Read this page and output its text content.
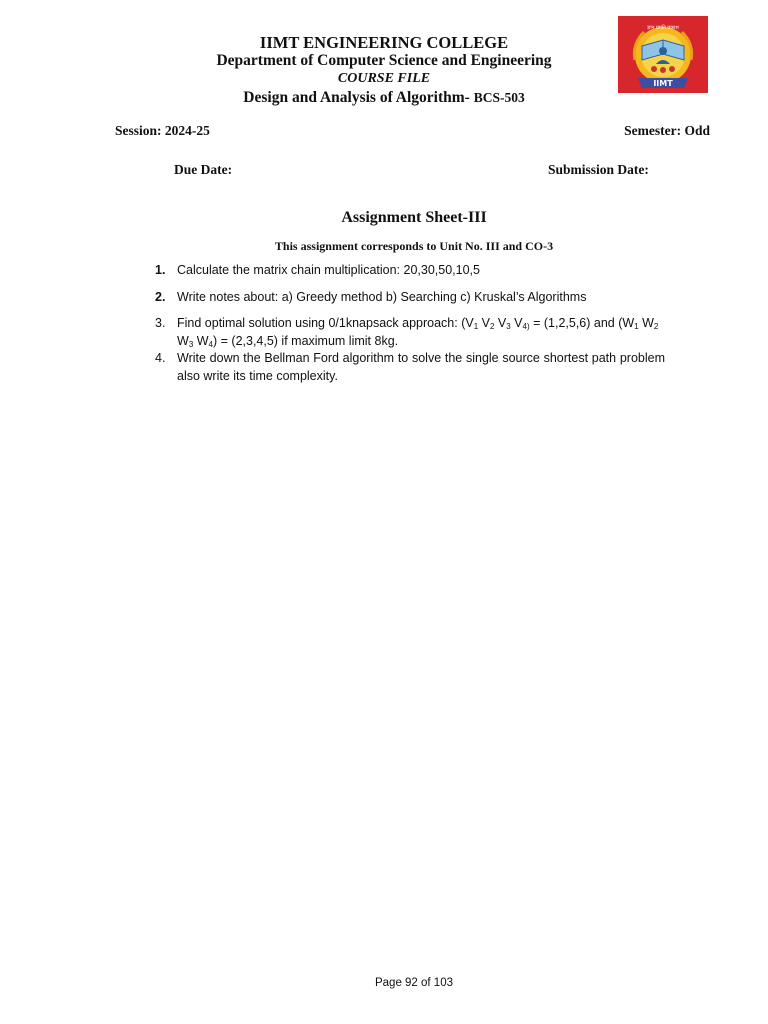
IIMT ENGINEERING COLLEGE
Department of Computer Science and Engineering
COURSE FILE
Design and Analysis of Algorithm- BCS-503
ज्ञान प्रगति प्रकाश
IIMT
Session: 2024-25	Semester: Odd
Due Date:	Submission Date:
Assignment Sheet-III
This assignment corresponds to Unit No. III and CO-3
1. Calculate the matrix chain multiplication: 20,30,50,10,5
2. Write notes about: a) Greedy method b) Searching c) Kruskal’s Algorithms
3. Find optimal solution using 0/1knapsack approach: ($V_1$ $V_2$ $V_3$ $V_{4)} = (1,2,5,6)$ and ($W_1$ $W_2$ $W_3$ $W_4) = (2,3,4,5)$ if maximum limit 8kg.
4. Write down the Bellman Ford algorithm to solve the single source shortest path problem also write its time complexity.
Page 92 of 103
